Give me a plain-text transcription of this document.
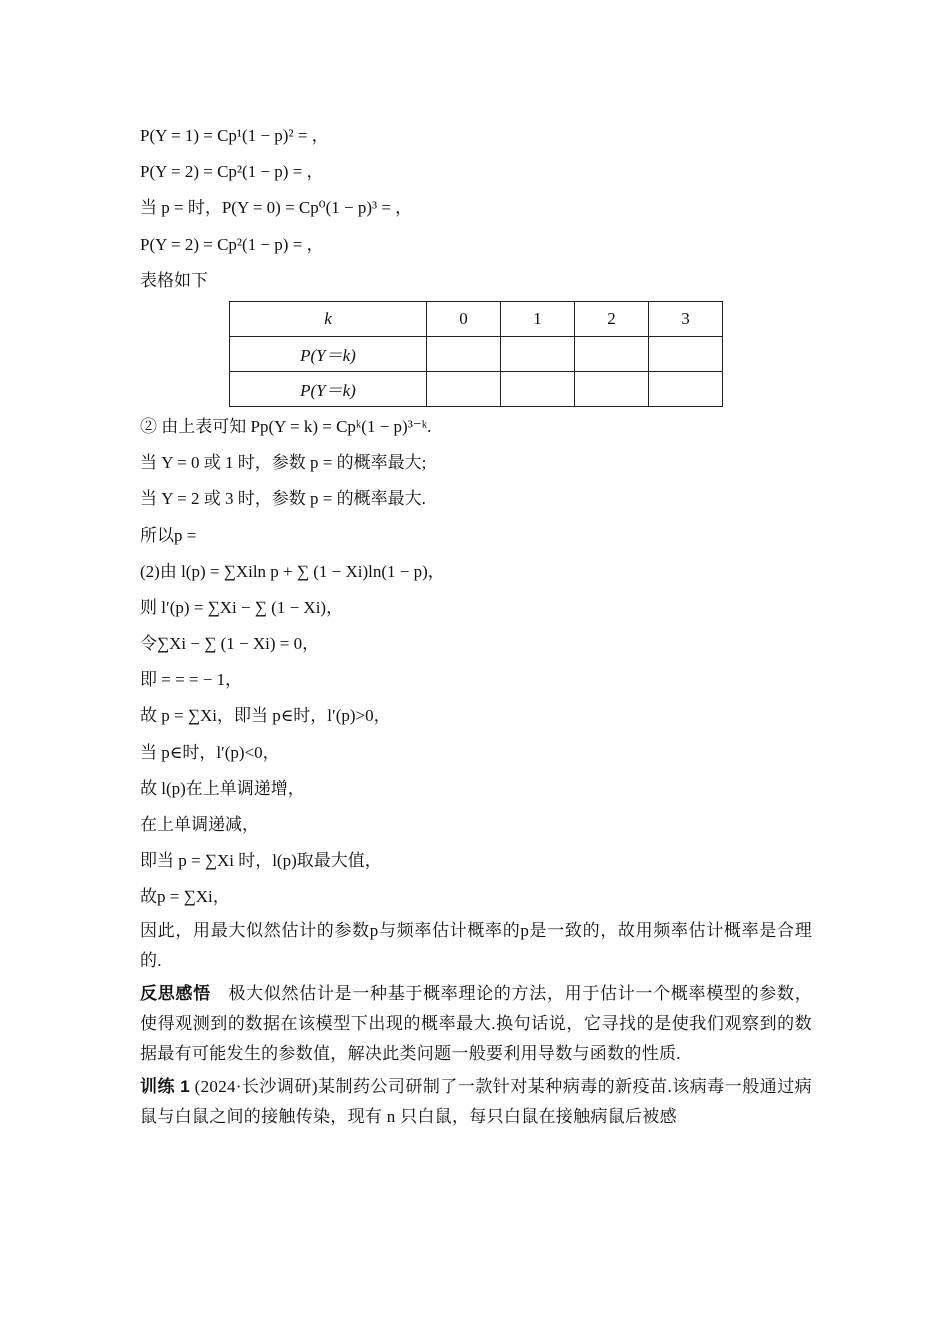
P(Y = 1) = Cp¹(1 − p)² = ，
P(Y = 2) = Cp²(1 − p) = ，
当 p = 时，P(Y = 0) = Cp⁰(1 − p)³ = ，
P(Y = 2) = Cp²(1 − p) = ，
表格如下
k	0	1	2	3
P(Y＝k)				
P(Y＝k)				
② 由上表可知 Pp(Y = k) = Cpᵏ(1 − p)³⁻ᵏ.
当 Y = 0 或 1 时，参数 p = 的概率最大;
当 Y = 2 或 3 时，参数 p = 的概率最大.
所以p =
(2)由 l(p) = ∑Xiln p + ∑ (1 − Xi)ln(1 − p)，
则 l′(p) = ∑Xi − ∑ (1 − Xi)，
令∑Xi − ∑ (1 − Xi) = 0，
即 = = = − 1，
故 p = ∑Xi，即当 p∈时，l′(p)>0，
当 p∈时，l′(p)<0，
故 l(p)在上单调递增，
在上单调递减，
即当 p = ∑Xi 时，l(p)取最大值，
故p = ∑Xi，
因此，用最大似然估计的参数p与频率估计概率的p是一致的，故用频率估计概率是合理的.
反思感悟　极大似然估计是一种基于概率理论的方法，用于估计一个概率模型的参数，使得观测到的数据在该模型下出现的概率最大.换句话说，它寻找的是使我们观察到的数据最有可能发生的参数值，解决此类问题一般要利用导数与函数的性质.
训练 1 (2024·长沙调研)某制药公司研制了一款针对某种病毒的新疫苗.该病毒一般通过病鼠与白鼠之间的接触传染，现有 n 只白鼠，每只白鼠在接触病鼠后被感
